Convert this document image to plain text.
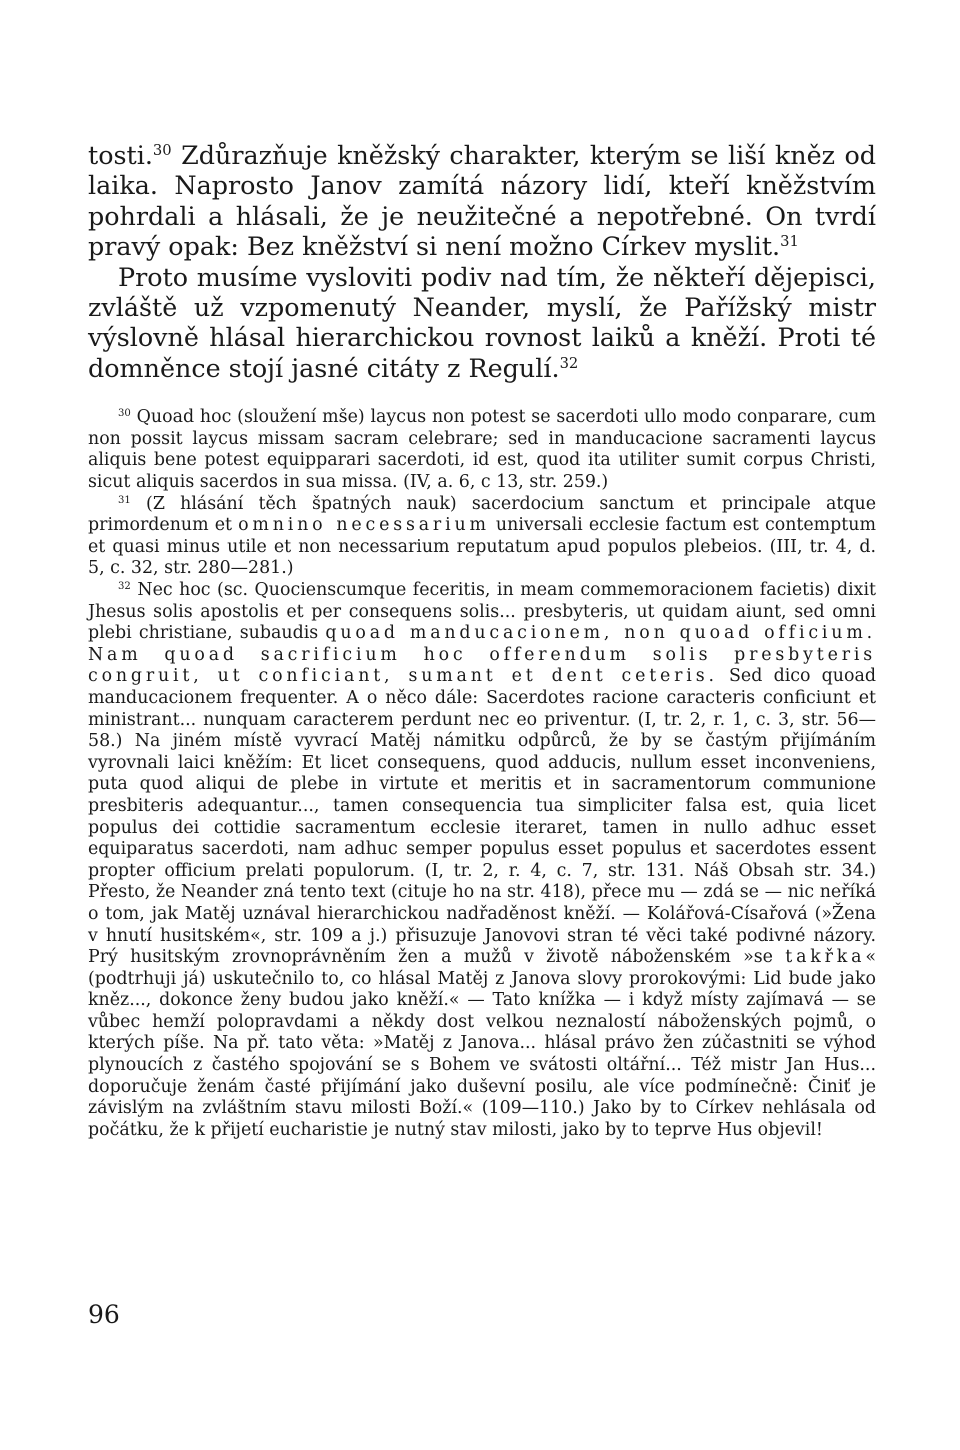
tosti.$^{30}$ Zdůrazňuje kněžský charakter, kterým se liší kněz od laika. Naprosto Janov zamítá názory lidí, kteří kněžstvím pohrdali a hlásali, že je neužitečné a nepotřebné. On tvrdí pravý opak: Bez kněžství si není možno Církev myslit.$^{31}$

Proto musíme vysloviti podiv nad tím, že někteří dějepisci, zvláště už vzpomenutý Neander, myslí, že Pařížský mistr výslovně hlásal hierarchickou rovnost laiků a kněží. Proti té domněnce stojí jasné citáty z Regulí.$^{32}$

$^{30}$ Quoad hoc (sloužení mše) laycus non potest se sacerdoti ullo modo conparare, cum non possit laycus missam sacram celebrare; sed in manducacione sacramenti laycus aliquis bene potest equipparari sacerdoti, id est, quod ita utiliter sumit corpus Christi, sicut aliquis sacerdos in sua missa. (IV, a. 6, c 13, str. 259.)

$^{31}$ (Z hlásání těch špatných nauk) sacerdocium sanctum et principale atque primordenum et omnino necessarium universali ecclesie factum est contemptum et quasi minus utile et non necessarium reputatum apud populos plebeios. (III, tr. 4, d. 5, c. 32, str. 280—281.)

$^{32}$ Nec hoc (sc. Quocienscumque feceritis, in meam commemoracionem facietis) dixit Jhesus solis apostolis et per consequens solis... presbyteris, ut quidam aiunt, sed omni plebi christiane, subaudis quoad manducacionem, non quoad officium. Nam quoad sacrificium hoc offerendum solis presbyteris congruit, ut conficiant, sumant et dent ceteris. Sed dico quoad manducacionem frequenter. A o něco dále: Sacerdotes racione caracteris conficiunt et ministrant... nunquam caracterem perdunt nec eo priventur. (I, tr. 2, r. 1, c. 3, str. 56—58.) Na jiném místě vyvrací Matěj námitku odpůrců, že by se častým přijímáním vyrovnali laici kněžím: Et licet consequens, quod adducis, nullum esset inconveniens, puta quod aliqui de plebe in virtute et meritis et in sacramentorum communione presbiteris adequantur..., tamen consequencia tua simpliciter falsa est, quia licet populus dei cottidie sacramentum ecclesie iteraret, tamen in nullo adhuc esset equiparatus sacerdoti, nam adhuc semper populus esset populus et sacerdotes essent propter officium prelati populorum. (I, tr. 2, r. 4, c. 7, str. 131. Náš Obsah str. 34.) Přesto, že Neander zná tento text (cituje ho na str. 418), přece mu — zdá se — nic neříká o tom, jak Matěj uznával hierarchickou nadřaděnost kněží. — Kolářová-Císařová (»Žena v hnutí husitském«, str. 109 a j.) přisuzuje Janovovi stran té věci také podivné názory. Prý husitským zrovnoprávněním žen a mužů v životě náboženském »se takřka« (podtrhuji já) uskutečnilo to, co hlásal Matěj z Janova slovy prorokovými: Lid bude jako kněz..., dokonce ženy budou jako kněží.« — Tato knížka — i když místy zajímavá — se vůbec hemží polopravdami a někdy dost velkou neznalostí náboženských pojmů, o kterých píše. Na př. tato věta: »Matěj z Janova... hlásal právo žen zúčastniti se výhod plynoucích z častého spojování se s Bohem ve svátosti oltářní... Též mistr Jan Hus... doporučuje ženám časté přijímání jako duševní posilu, ale více podmínečně: Činiť je závislým na zvláštním stavu milosti Boží.« (109—110.) Jako by to Církev nehlásala od počátku, že k přijetí eucharistie je nutný stav milosti, jako by to teprve Hus objevil!

96
